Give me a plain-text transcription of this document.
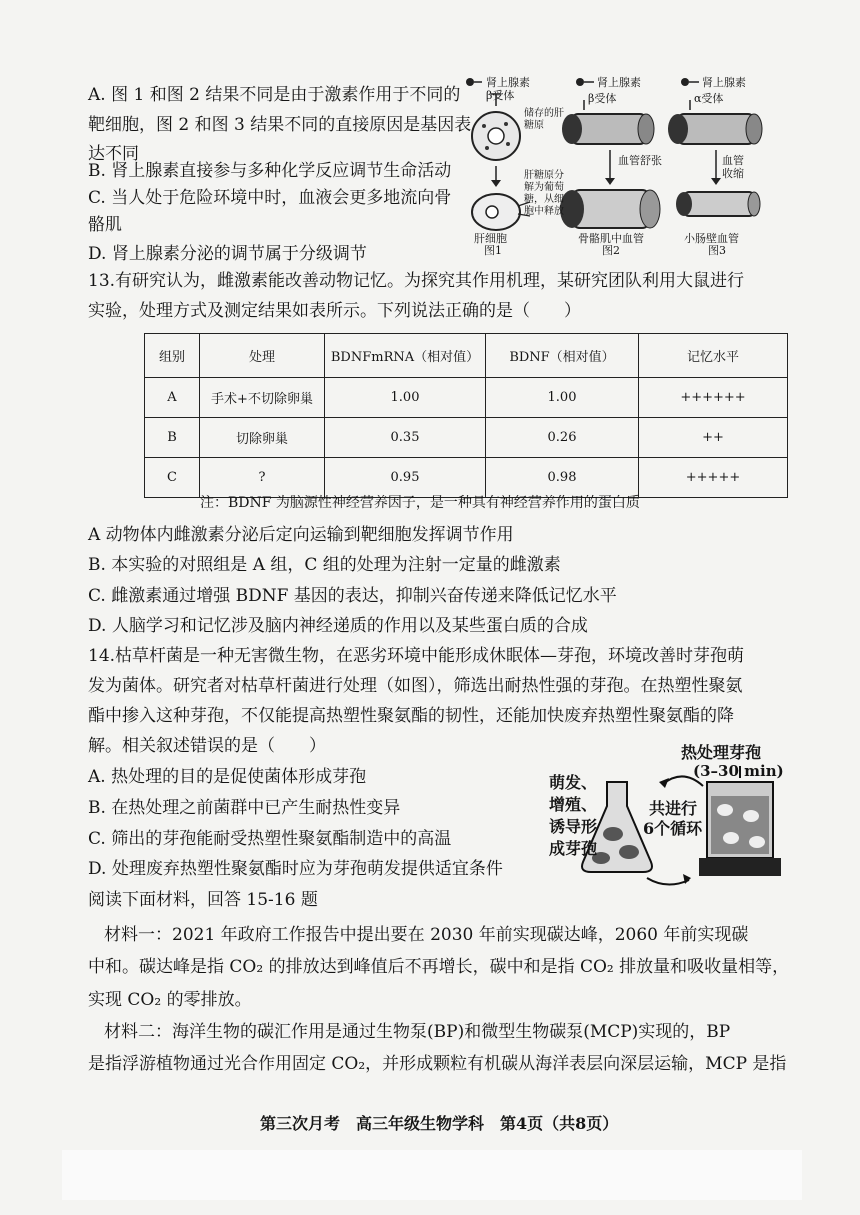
A. 图 1 和图 2 结果不同是由于激素作用于不同的
靶细胞，图 2 和图 3 结果不同的直接原因是基因表
达不同
B. 肾上腺素直接参与多种化学反应调节生命活动
C. 当人处于危险环境中时，血液会更多地流向骨
骼肌
D. 肾上腺素分泌的调节属于分级调节
肾上腺素
β受体
储存的肝糖原
肝糖原分解为葡萄糖，从细胞中释放
肝细胞
图1
肾上腺素
β受体
血管舒张
骨骼肌中血管
图2
肾上腺素
α受体
血管收缩
小肠壁血管
图3
13.有研究认为，雌激素能改善动物记忆。为探究其作用机理，某研究团队利用大鼠进行
实验，处理方式及测定结果如表所示。下列说法正确的是（　　）
组别	处理	BDNFmRNA（相对值）	BDNF（相对值）	记忆水平
A	手术+不切除卵巢	1.00	1.00	++++++
B	切除卵巢	0.35	0.26	++
C	?	0.95	0.98	+++++
注：BDNF 为脑源性神经营养因子，是一种具有神经营养作用的蛋白质
A 动物体内雌激素分泌后定向运输到靶细胞发挥调节作用
B. 本实验的对照组是 A 组，C 组的处理为注射一定量的雌激素
C. 雌激素通过增强 BDNF 基因的表达，抑制兴奋传递来降低记忆水平
D. 人脑学习和记忆涉及脑内神经递质的作用以及某些蛋白质的合成
14.枯草杆菌是一种无害微生物，在恶劣环境中能形成休眠体—芽孢，环境改善时芽孢萌
发为菌体。研究者对枯草杆菌进行处理（如图），筛选出耐热性强的芽孢。在热塑性聚氨
酯中掺入这种芽孢，不仅能提高热塑性聚氨酯的韧性，还能加快废弃热塑性聚氨酯的降
解。相关叙述错误的是（　　）
A. 热处理的目的是促使菌体形成芽孢
B. 在热处理之前菌群中已产生耐热性变异
C. 筛出的芽孢能耐受热塑性聚氨酯制造中的高温
D. 处理废弃热塑性聚氨酯时应为芽孢萌发提供适宜条件
热处理芽孢
(3–30 min)
萌发、
增殖、
诱导形
成芽孢
共进行
6个循环
阅读下面材料，回答 15-16 题
材料一：2021 年政府工作报告中提出要在 2030 年前实现碳达峰，2060 年前实现碳
中和。碳达峰是指 CO₂ 的排放达到峰值后不再增长，碳中和是指 CO₂ 排放量和吸收量相等，
实现 CO₂ 的零排放。
材料二：海洋生物的碳汇作用是通过生物泵(BP)和微型生物碳泵(MCP)实现的，BP
是指浮游植物通过光合作用固定 CO₂，并形成颗粒有机碳从海洋表层向深层运输，MCP 是指
第三次月考　高三年级生物学科　第4页（共8页）
